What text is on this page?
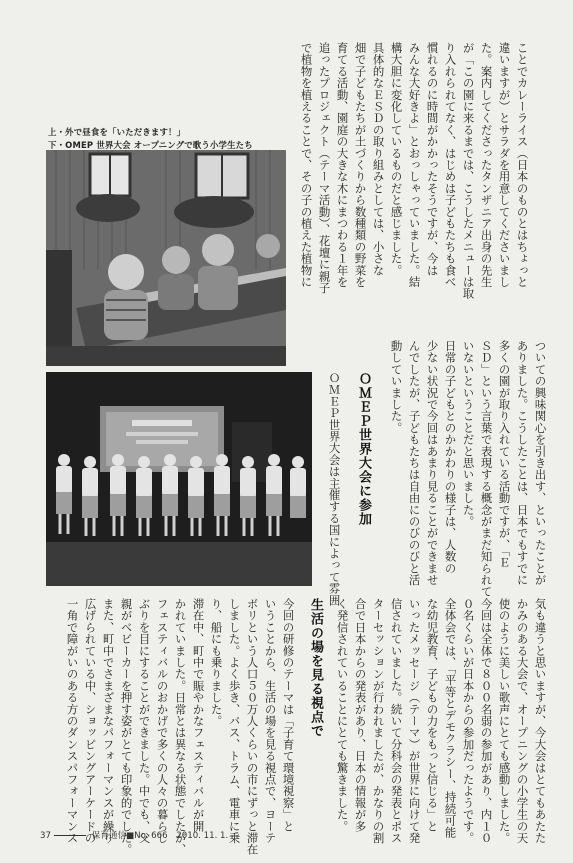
上・外で昼食を「いただきます！」
下・OMEP 世界大会 オープニングで歌う小学生たち	ことでカレーライス（日本のものとはちょっと
違いますが）とサラダを用意してくださいまし
た。案内してくださったタンザニア出身の先生
が「この園に来るまでは、こうしたメニューは取
り入れられてなく、はじめは子どもたちも食べ
慣れるのに時間がかかったそうですが、今は
みんな大好きよ」とおっしゃっていました。結
構大胆に変化しているものだと感じました。
具体的なＥＳＤの取り組みとしては、小さな
畑で子どもたちが土づくりから数種類の野菜を
育てる活動、園庭の大きな木にまつわる１年を
追ったプロジェクト（テーマ活動）、花壇に親子
で植物を植えることで、その子の植えた植物に
ついての興味関心を引き出す、といったことが
ありました。こうしたことは、日本でもすでに
多くの園が取り入れている活動ですが、「Ｅ
ＳＤ」という言葉で表現する概念がまだ知られて
いないということだと思いました。
日常の子どもとのかかわりの様子は、人数の
少ない状況で今回はあまり見ることができませ
んでしたが、子どもたちは自由にのびのびと活
動していました。
ＯＭＥＰ世界大会に参加
ＯＭＥＰ世界大会は主催する国によって雰囲
気も違うと思いますが、今大会はとてもあたた
かみのある大会で、オープニングの小学生の天
使のように美しい歌声にとても感動しました。
今回は全体で８００名弱の参加があり、内１０
０名くらいが日本からの参加だったようです。
全体会では、「平等とデモクラシー、持続可能
な幼児教育、子どもの力をもっと信じる」と
いったメッセージ（テーマ）が世界に向けて発
信されていました。続いて分科会の発表とポス
ターセッションが行われましたが、かなりの割
合で日本からの発表があり、日本の情報が多
く発信されていることにとても驚きました。
生活の場を見る視点で
今回の研修のテーマは「子育て環境視察」と
いうことから、生活の場を見る視点で、ヨーテ
ボリという人口５０万人くらいの市にずっと滞在
しました。よく歩き、バス、トラム、電車に乗
り、船にも乗りました。
滞在中、町中で賑やかなフェスティバルが開
かれていました。日常とは異なる状態でしたが、
フェスティバルのおかげで多くの人々の暮らし
ぶりを目にすることができました。中でも、父
親がベビーカーを押す姿がとても印象的でした。
また、町中でさまざまなパフォーマンスが繰り
広げられている中、ショッピングアーケードの
一角で障がいのある方のダンスパフォーマンス
37	保育通信■No. 666 2010. 11. 1.
